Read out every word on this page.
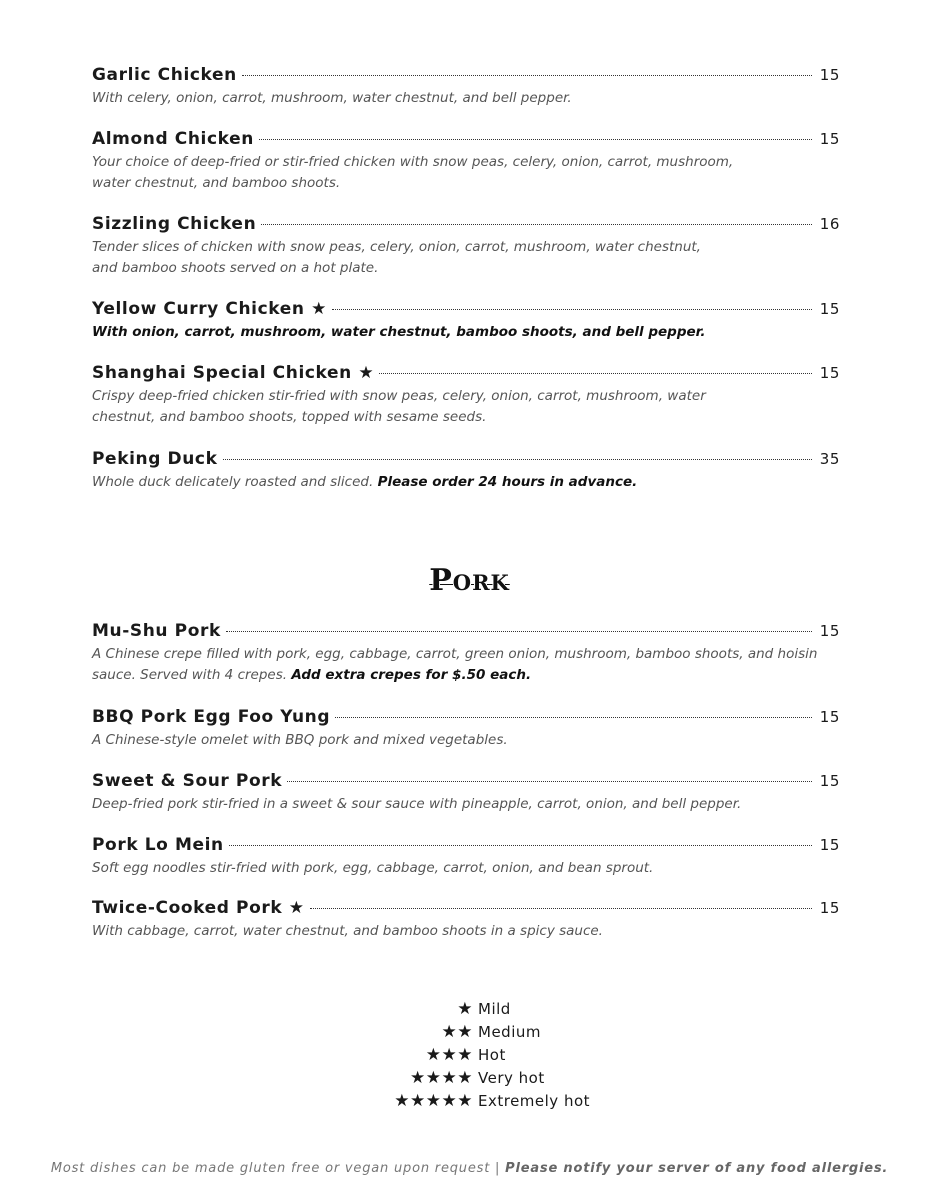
Garlic Chicken	15
With celery, onion, carrot, mushroom, water chestnut, and bell pepper.
Almond Chicken	15
Your choice of deep-fried or stir-fried chicken with snow peas, celery, onion, carrot, mushroom, water chestnut, and bamboo shoots.
Sizzling Chicken	16
Tender slices of chicken with snow peas, celery, onion, carrot, mushroom, water chestnut, and bamboo shoots served on a hot plate.
Yellow Curry Chicken ★	15
With onion, carrot, mushroom, water chestnut, bamboo shoots, and bell pepper.
Shanghai Special Chicken ★	15
Crispy deep-fried chicken stir-fried with snow peas, celery, onion, carrot, mushroom, water chestnut, and bamboo shoots, topped with sesame seeds.
Peking Duck	35
Whole duck delicately roasted and sliced. Please order 24 hours in advance.
Pork
Mu-Shu Pork	15
A Chinese crepe filled with pork, egg, cabbage, carrot, green onion, mushroom, bamboo shoots, and hoisin sauce. Served with 4 crepes. Add extra crepes for $.50 each.
BBQ Pork Egg Foo Yung	15
A Chinese-style omelet with BBQ pork and mixed vegetables.
Sweet & Sour Pork	15
Deep-fried pork stir-fried in a sweet & sour sauce with pineapple, carrot, onion, and bell pepper.
Pork Lo Mein	15
Soft egg noodles stir-fried with pork, egg, cabbage, carrot, onion, and bean sprout.
Twice-Cooked Pork ★	15
With cabbage, carrot, water chestnut, and bamboo shoots in a spicy sauce.
★ Mild
★★ Medium
★★★ Hot
★★★★ Very hot
★★★★★ Extremely hot
Most dishes can be made gluten free or vegan upon request | Please notify your server of any food allergies.
